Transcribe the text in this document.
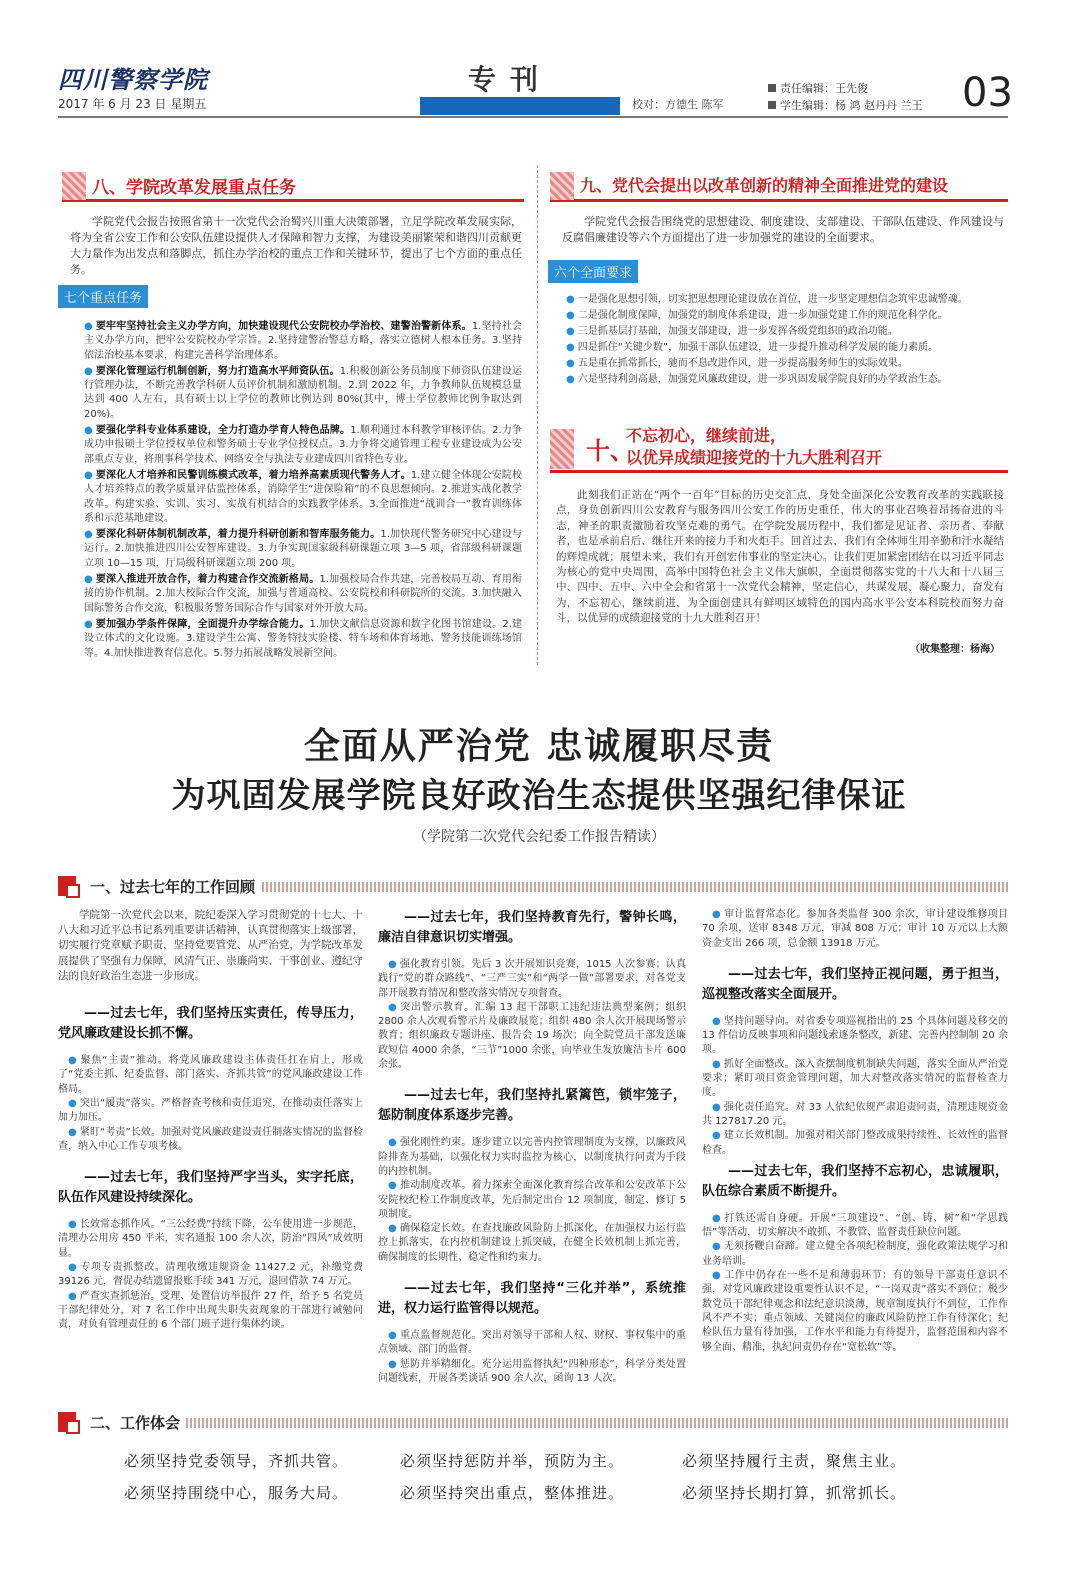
四川警察学院
2017 年 6 月 23 日 星期五
专刊
校对：方德生 陈军
责任编辑：王先俊
学生编辑：杨 鸿 赵丹丹 兰王 03
八、学院改革发展重点任务

学院党代会报告按照省第十一次党代会治蜀兴川重大决策部署，立足学院改革发展实际，将为全省公安工作和公安队伍建设提供人才保障和智力支撑，为建设美丽繁荣和谐四川贡献更大力量作为出发点和落脚点，抓住办学治校的重点工作和关键环节，提出了七个方面的重点任务。

七个重点任务

● 要牢牢坚持社会主义办学方向，加快建设现代公安院校办学治校、建警治警新体系。1.坚持社会主义办学方向，把牢公安院校办学宗旨。2.坚持建警治警总方略，落实立德树人根本任务。3.坚持依法治校基本要求，构建完善科学治理体系。

● 要深化管理运行机制创新，努力打造高水平师资队伍。1.积极创新公务员制度下师资队伍建设运行管理办法，不断完善教学科研人员评价机制和激励机制。2.到 2022 年，力争教师队伍规模总量达到 400 人左右，具有硕士以上学位的教师比例达到 80%(其中，博士学位教师比例争取达到 20%)。

● 要强化学科专业体系建设，全力打造办学育人特色品牌。1.顺利通过本科教学审核评估。2.力争成功申报硕士学位授权单位和警务硕士专业学位授权点。3.力争将交通管理工程专业建设成为公安部重点专业，将刑事科学技术、网络安全与执法专业建成四川省特色专业。

● 要深化人才培养和民警训练模式改革，着力培养高素质现代警务人才。1.建立健全体现公安院校人才培养特点的教学质量评估监控体系，消除学生“进保险箱”的不良思想倾向。2.推进实战化教学改革。构建实验、实训、实习、实战有机结合的实践教学体系。3.全面推进“战训合一”教育训练体系和示范基地建设。

● 要深化科研体制机制改革，着力提升科研创新和智库服务能力。1.加快现代警务研究中心建设与运行。2.加快推进四川公安智库建设。3.力争实现国家级科研课题立项 3—5 项，省部级科研课题立项 10—15 项，厅局级科研课题立项 200 项。

● 要深入推进开放合作，着力构建合作交流新格局。1.加强校局合作共建，完善校局互动、育用衔接的协作机制。2.加大校际合作交流，加强与普通高校、公安院校和科研院所的交流。3.加快融入国际警务合作交流，积极服务警务国际合作与国家对外开放大局。

● 要加强办学条件保障，全面提升办学综合能力。1.加快文献信息资源和数字化图书馆建设。2.建设立体式的文化设施。3.建设学生公寓、警务特技实验楼、特车场和体育场地、警务技能训练场馆等。4.加快推进教育信息化。5.努力拓展战略发展新空间。

九、党代会提出以改革创新的精神全面推进党的建设

学院党代会报告围绕党的思想建设、制度建设、支部建设、干部队伍建设、作风建设与反腐倡廉建设等六个方面提出了进一步加强党的建设的全面要求。

六个全面要求

● 一是强化思想引领，切实把思想理论建设放在首位，进一步坚定理想信念筑牢忠诚警魂。

● 二是强化制度保障，加强党的制度体系建设，进一步加强党建工作的规范化科学化。

● 三是抓基层打基础，加强支部建设，进一步发挥各级党组织的政治功能。

● 四是抓住“关键少数”，加强干部队伍建设，进一步提升推动科学发展的能力素质。

● 五是重在抓常抓长，驰而不息改进作风，进一步提高服务师生的实际效果。

● 六是坚持利剑高悬，加强党风廉政建设，进一步巩固发展学院良好的办学政治生态。

十、
不忘初心，继续前进，
以优异成绩迎接党的十九大胜利召开

此刻我们正站在“两个一百年”目标的历史交汇点，身处全面深化公安教育改革的实践联接点，身负创新四川公安教育与服务四川公安工作的历史重任，伟大的事业召唤着昂扬奋进的斗志，神圣的职责激励着攻坚克难的勇气。在学院发展历程中，我们都是见证者、亲历者、奉献者，也是承前启后、继往开来的接力手和火炬手。回首过去，我们有全体师生用辛勤和汗水凝结的辉煌成就；展望未来，我们有开创宏伟事业的坚定决心。让我们更加紧密团结在以习近平同志为核心的党中央周围，高举中国特色社会主义伟大旗帜，全面贯彻落实党的十八大和十八届三中、四中、五中、六中全会和省第十一次党代会精神，坚定信心，共谋发展，凝心聚力，奋发有为，不忘初心，继续前进，为全面创建具有鲜明区域特色的国内高水平公安本科院校而努力奋斗，以优异的成绩迎接党的十九大胜利召开！

（收集整理：杨海）
全面从严治党 忠诚履职尽责
为巩固发展学院良好政治生态提供坚强纪律保证
（学院第二次党代会纪委工作报告精读）
一、过去七年的工作回顾

学院第一次党代会以来，院纪委深入学习贯彻党的十七大、十八大和习近平总书记系列重要讲话精神，认真贯彻落实上级部署，切实履行党章赋予职责，坚持党要管党、从严治党，为学院改革发展提供了坚强有力保障，风清气正、崇廉尚实、干事创业、遵纪守法的良好政治生态进一步形成。

——过去七年，我们坚持压实责任，传导压力，党风廉政建设长抓不懈。

● 聚焦“主责”推动。将党风廉政建设主体责任扛在肩上，形成了“党委主抓、纪委监督、部门落实、齐抓共管”的党风廉政建设工作格局。

● 突出“履责”落实。严格督查考核和责任追究，在推动责任落实上加力加压。

● 紧盯“考责”长效。加强对党风廉政建设责任制落实情况的监督检查，纳入中心工作专项考核。

——过去七年，我们坚持严字当头，实字托底，队伍作风建设持续深化。

● 长效常态抓作风。“三公经费”持续下降，公车使用进一步规范，清理办公用房 450 平米，实名通报 100 余人次，防治“四风”成效明显。

● 专项专责抓整改。清理收缴违规资金 11427.2 元，补缴党费 39126 元，督促办结遗留报账手续 341 万元，退回借款 74 万元。

● 严查实查抓惩治。受理、处置信访举报件 27 件，给予 5 名党员干部纪律处分，对 7 名工作中出现失职失责现象的干部进行诫勉问责，对负有管理责任的 6 个部门班子进行集体约谈。

——过去七年，我们坚持教育先行，警钟长鸣，廉洁自律意识切实增强。

● 强化教育引领。先后 3 次开展知识竞赛，1015 人次参赛；认真践行“党的群众路线”、“三严三实”和“两学一做”部署要求，对各党支部开展教育情况和整改落实情况专项督查。

● 突出警示教育。汇编 13 起干部职工违纪违法典型案例；组织 2800 余人次观看警示片及廉政展览；组织 480 余人次开展现场警示教育；组织廉政专题讲座、报告会 19 场次；向全院党员干部发送廉政短信 4000 余条，“三节”1000 余张，向毕业生发放廉洁卡片 600 余张。

——过去七年，我们坚持扎紧篱笆，锁牢笼子，惩防制度体系逐步完善。

● 强化刚性约束。逐步建立以完善内控管理制度为支撑，以廉政风险排查为基础，以强化权力实时监控为核心，以制度执行问责为手段的内控机制。

● 推动制度改革。着力探索全面深化教育综合改革和公安改革下公安院校纪检工作制度改革，先后制定出台 12 项制度，制定、修订 5 项制度。

● 确保稳定长效。在查找廉政风险防上抓深化，在加强权力运行监控上抓落实，在内控机制建设上抓突破，在健全长效机制上抓完善，确保制度的长期性、稳定性和约束力。

——过去七年，我们坚持“三化并举”，系统推进，权力运行监管得以规范。

● 重点监督规范化。突出对领导干部和人权、财权、事权集中的重点领域、部门的监督。

● 惩防并举精细化。充分运用监督执纪“四种形态”，科学分类处置问题线索，开展各类谈话 900 余人次，函询 13 人次。

● 审计监督常态化。参加各类监督 300 余次，审计建设维修项目 70 余项，送审 8348 万元，审减 808 万元；审计 10 万元以上大额资金支出 266 项，总金额 13918 万元。

——过去七年，我们坚持正视问题，勇于担当，巡视整改落实全面展开。

● 坚持问题导向。对省委专项巡视指出的 25 个具体问题及移交的 13 件信访反映事项和问题线索逐条整改，新建、完善内控制制 20 余项。

● 抓好全面整改。深入查摆制度机制缺失问题，落实全面从严治党要求；紧盯项目资金管理问题，加大对整改落实情况的监督检查力度。

● 强化责任追究。对 33 人依纪依规严肃追责问责，清理违规资金共 127817.20 元。

● 建立长效机制。加强对相关部门整改成果持续性、长效性的监督检查。

——过去七年，我们坚持不忘初心，忠诚履职，队伍综合素质不断提升。

● 打铁还需自身硬。开展“三项建设”、“创、铸、树”和“学思践悟”等活动，切实解决不敢抓、不教管、监督责任缺位问题。

● 无须扬鞭自奋蹄。建立健全各项纪检制度，强化政策法规学习和业务培训。

● 工作中仍存在一些不足和薄弱环节：有的领导干部责任意识不强，对党风廉政建设重要性认识不足，“一岗双责”落实不到位；极少数党员干部纪律观念和法纪意识淡薄，规章制度执行不到位，工作作风不严不实；重点领域、关键岗位的廉政风险防控工作有待深化；纪检队伍力量有待加强，工作水平和能力有待提升，监督范围和内容不够全面、精准，执纪问责仍存在“宽松软”等。

二、工作体会
必须坚持党委领导，齐抓共管。	必须坚持惩防并举，预防为主。	必须坚持履行主责，聚焦主业。
必须坚持围绕中心，服务大局。	必须坚持突出重点，整体推进。	必须坚持长期打算，抓常抓长。
